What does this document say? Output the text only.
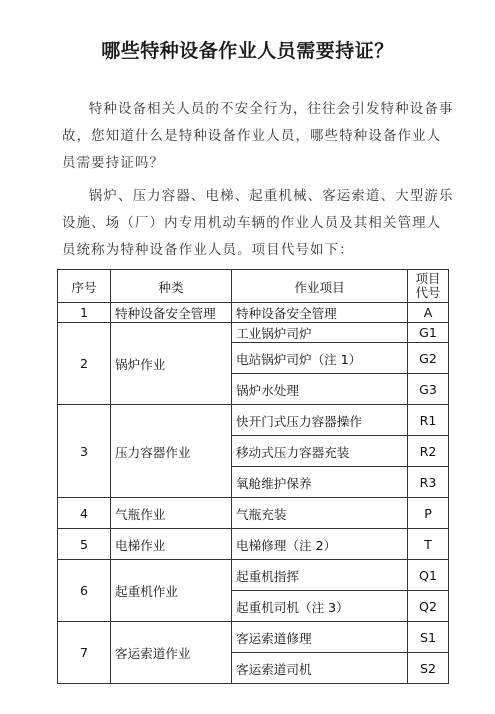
哪些特种设备作业人员需要持证？

特种设备相关人员的不安全行为，往往会引发特种设备事故，您知道什么是特种设备作业人员，哪些特种设备作业人员需要持证吗？

锅炉、压力容器、电梯、起重机械、客运索道、大型游乐设施、场（厂）内专用机动车辆的作业人员及其相关管理人员统称为特种设备作业人员。项目代号如下：

序号	种类	作业项目	项目
代号
1	特种设备安全管理	特种设备安全管理	A
2	锅炉作业	工业锅炉司炉	G1
		电站锅炉司炉（注 1）	G2
		锅炉水处理	G3
3	压力容器作业	快开门式压力容器操作	R1
		移动式压力容器充装	R2
		氧舱维护保养	R3
4	气瓶作业	气瓶充装	P
5	电梯作业	电梯修理（注 2）	T
6	起重机作业	起重机指挥	Q1
		起重机司机（注 3）	Q2
7	客运索道作业	客运索道修理	S1
		客运索道司机	S2
